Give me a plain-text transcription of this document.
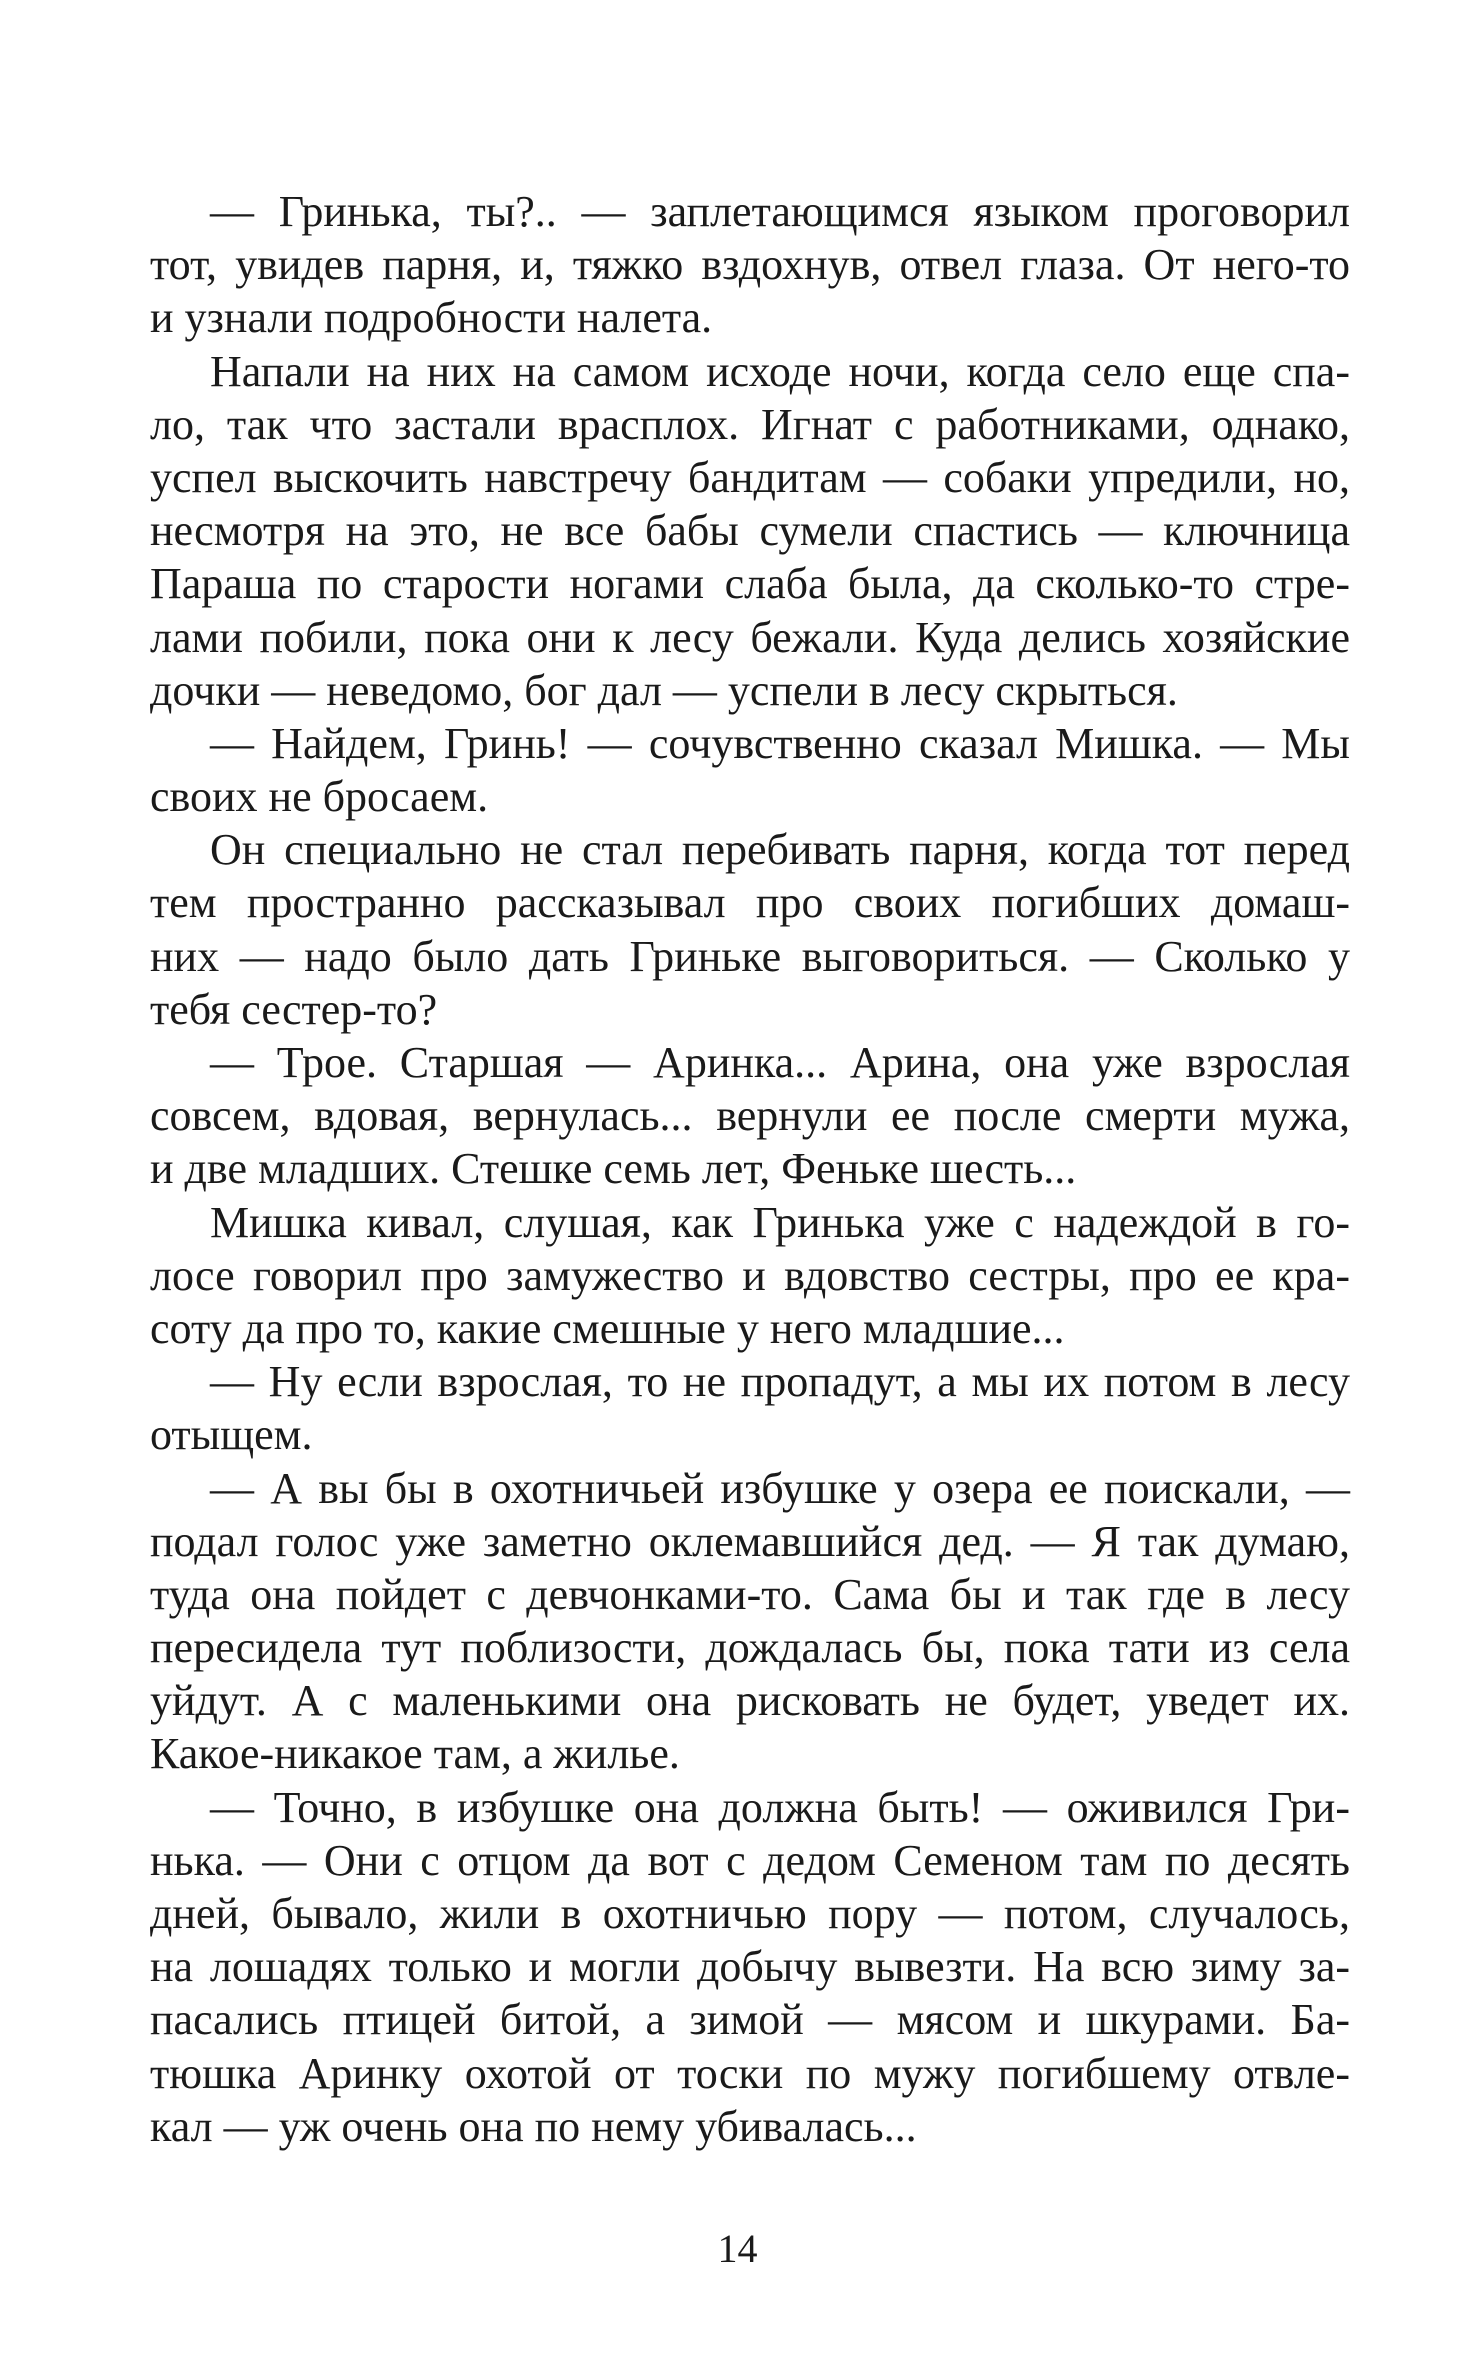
— Гринька, ты?.. — заплетающимся языком проговорил
тот, увидев парня, и, тяжко вздохнув, отвел глаза. От него-то
и узнали подробности налета.
Напали на них на самом исходе ночи, когда село еще спа-
ло, так что застали врасплох. Игнат с работниками, однако,
успел выскочить навстречу бандитам — собаки упредили, но,
несмотря на это, не все бабы сумели спастись — ключница
Параша по старости ногами слаба была, да сколько-то стре-
лами побили, пока они к лесу бежали. Куда делись хозяйские
дочки — неведомо, бог дал — успели в лесу скрыться.
— Найдем, Гринь! — сочувственно сказал Мишка. — Мы
своих не бросаем.
Он специально не стал перебивать парня, когда тот перед
тем пространно рассказывал про своих погибших домаш-
них — надо было дать Гриньке выговориться. — Сколько у
тебя сестер-то?
— Трое. Старшая — Аринка... Арина, она уже взрослая
совсем, вдовая, вернулась... вернули ее после смерти мужа,
и две младших. Стешке семь лет, Феньке шесть...
Мишка кивал, слушая, как Гринька уже с надеждой в го-
лосе говорил про замужество и вдовство сестры, про ее кра-
соту да про то, какие смешные у него младшие...
— Ну если взрослая, то не пропадут, а мы их потом в лесу
отыщем.
— А вы бы в охотничьей избушке у озера ее поискали, —
подал голос уже заметно оклемавшийся дед. — Я так думаю,
туда она пойдет с девчонками-то. Сама бы и так где в лесу
пересидела тут поблизости, дождалась бы, пока тати из села
уйдут. А с маленькими она рисковать не будет, уведет их.
Какое-никакое там, а жилье.
— Точно, в избушке она должна быть! — оживился Гри-
нька. — Они с отцом да вот с дедом Семеном там по десять
дней, бывало, жили в охотничью пору — потом, случалось,
на лошадях только и могли добычу вывезти. На всю зиму за-
пасались птицей битой, а зимой — мясом и шкурами. Ба-
тюшка Аринку охотой от тоски по мужу погибшему отвле-
кал — уж очень она по нему убивалась...
14
